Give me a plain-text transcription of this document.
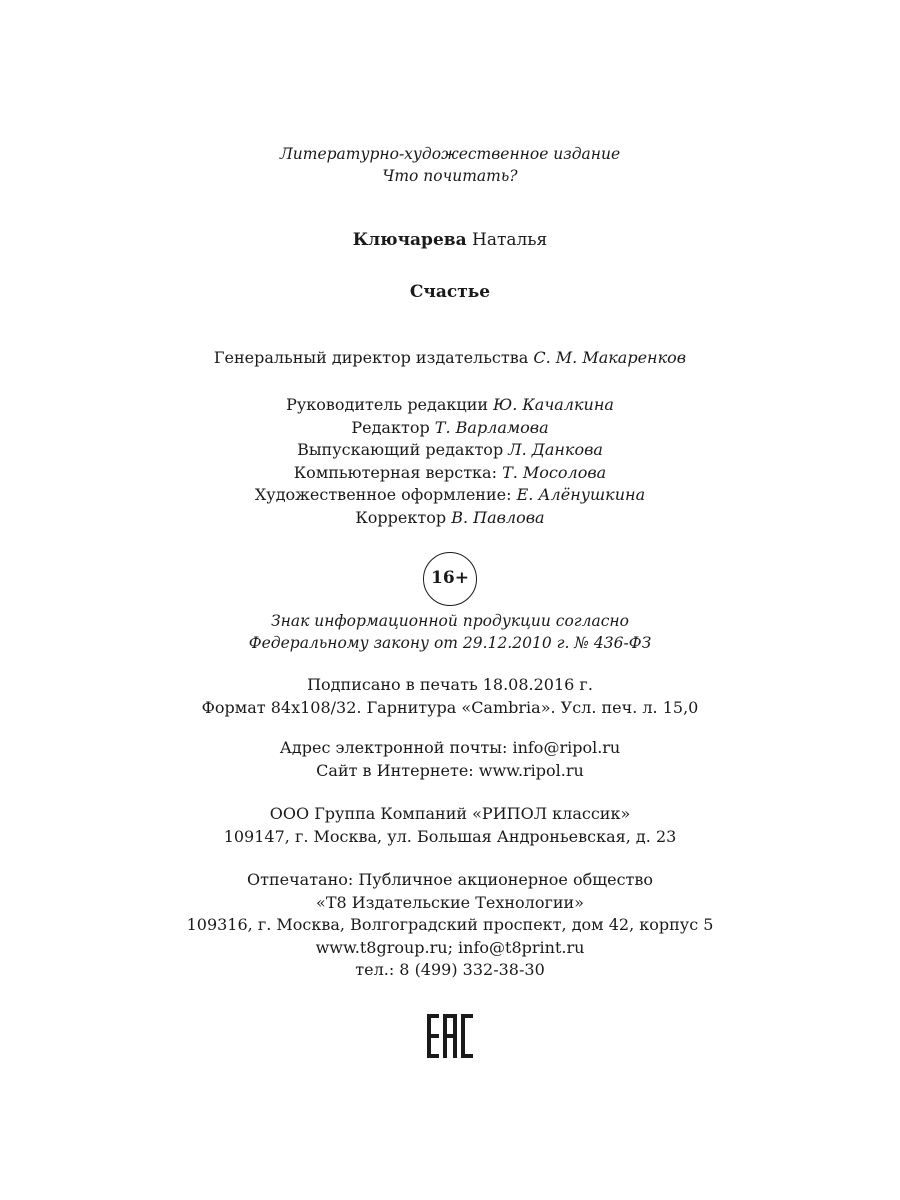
Литературно-художественное издание
Что почитать?
Ключарева Наталья
Счастье
Генеральный директор издательства С. М. Макаренков
Руководитель редакции Ю. Качалкина
Редактор Т. Варламова
Выпускающий редактор Л. Данкова
Компьютерная верстка: Т. Мосолова
Художественное оформление: Е. Алёнушкина
Корректор В. Павлова
16+
Знак информационной продукции согласно
Федеральному закону от 29.12.2010 г. № 436-ФЗ
Подписано в печать 18.08.2016 г.
Формат 84х108/32. Гарнитура «Cambria». Усл. печ. л. 15,0
Адрес электронной почты: info@ripol.ru
Сайт в Интернете: www.ripol.ru
ООО Группа Компаний «РИПОЛ классик»
109147, г. Москва, ул. Большая Андроньевская, д. 23
Отпечатано: Публичное акционерное общество
«Т8 Издательские Технологии»
109316, г. Москва, Волгоградский проспект, дом 42, корпус 5
www.t8group.ru; info@t8print.ru
тел.: 8 (499) 332-38-30
